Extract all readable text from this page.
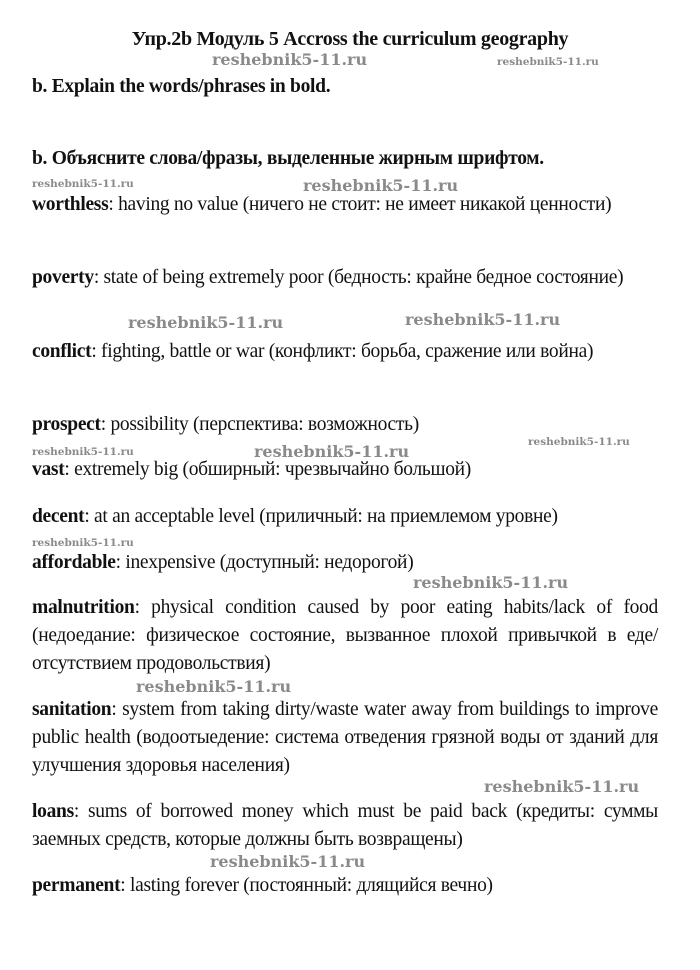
Упр.2b Модуль 5 Accross the curriculum geography
b. Explain the words/phrases in bold.
b. Объясните слова/фразы, выделенные жирным шрифтом.
worthless: having no value (ничего не стоит: не имеет никакой ценности)
poverty: state of being extremely poor (бедность: крайне бедное состояние)
conflict: fighting, battle or war (конфликт: борьба, сражение или война)
prospect: possibility (перспектива: возможность)
vast: extremely big (обширный: чрезвычайно большой)
decent: at an acceptable level (приличный: на приемлемом уровне)
affordable: inexpensive (доступный: недорогой)
malnutrition: physical condition caused by poor eating habits/lack of food (недоедание: физическое состояние, вызванное плохой привычкой в еде/отсутствием продовольствия)
sanitation: system from taking dirty/waste water away from buildings to improve public health (водоотыедение: система отведения грязной воды от зданий для улучшения здоровья населения)
loans: sums of borrowed money which must be paid back (кредиты: суммы заемных средств, которые должны быть возвращены)
permanent: lasting forever (постоянный: длящийся вечно)
reshebnik5-11.ru	reshebnik5-11.ru
reshebnik5-11.ru	reshebnik5-11.ru
reshebnik5-11.ru	reshebnik5-11.ru
reshebnik5-11.ru	reshebnik5-11.ru	reshebnik5-11.ru
reshebnik5-11.ru
reshebnik5-11.ru
reshebnik5-11.ru
reshebnik5-11.ru
reshebnik5-11.ru
